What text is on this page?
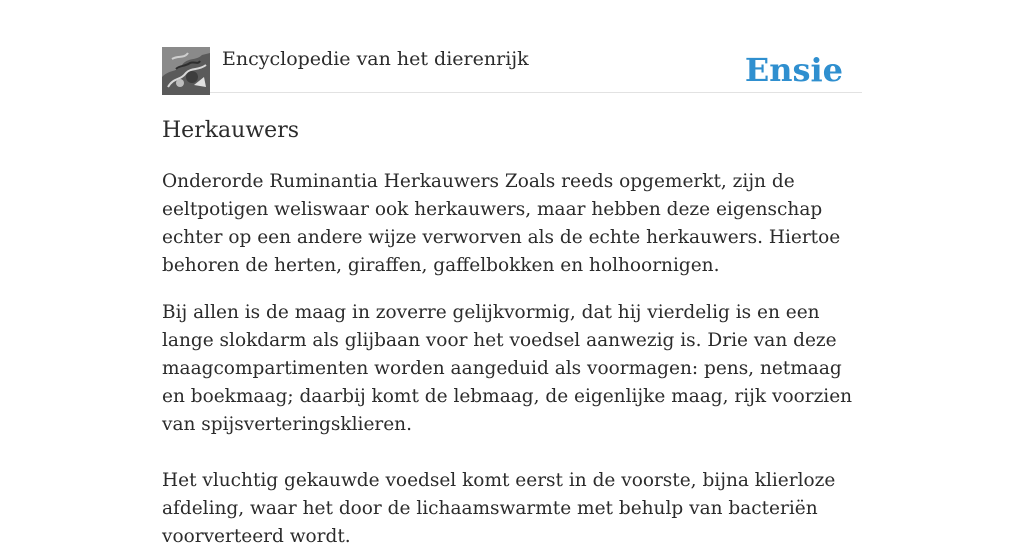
Encyclopedie van het dierenrijk	Ensie
Herkauwers

Onderorde Ruminantia Herkauwers Zoals reeds opgemerkt, zijn de eeltpotigen weliswaar ook herkauwers, maar hebben deze eigenschap echter op een andere wijze verworven als de echte herkauwers. Hiertoe behoren de herten, giraffen, gaffelbokken en holhoornigen.

Bij allen is de maag in zoverre gelijkvormig, dat hij vierdelig is en een lange slokdarm als glijbaan voor het voedsel aanwezig is. Drie van deze maagcompartimenten worden aangeduid als voormagen: pens, netmaag en boekmaag; daarbij komt de lebmaag, de eigenlijke maag, rijk voorzien van spijsverteringsklieren.

Het vluchtig gekauwde voedsel komt eerst in de voorste, bijna klierloze afdeling, waar het door de lichaamswarmte met behulp van bacteriën voorverteerd wordt.
